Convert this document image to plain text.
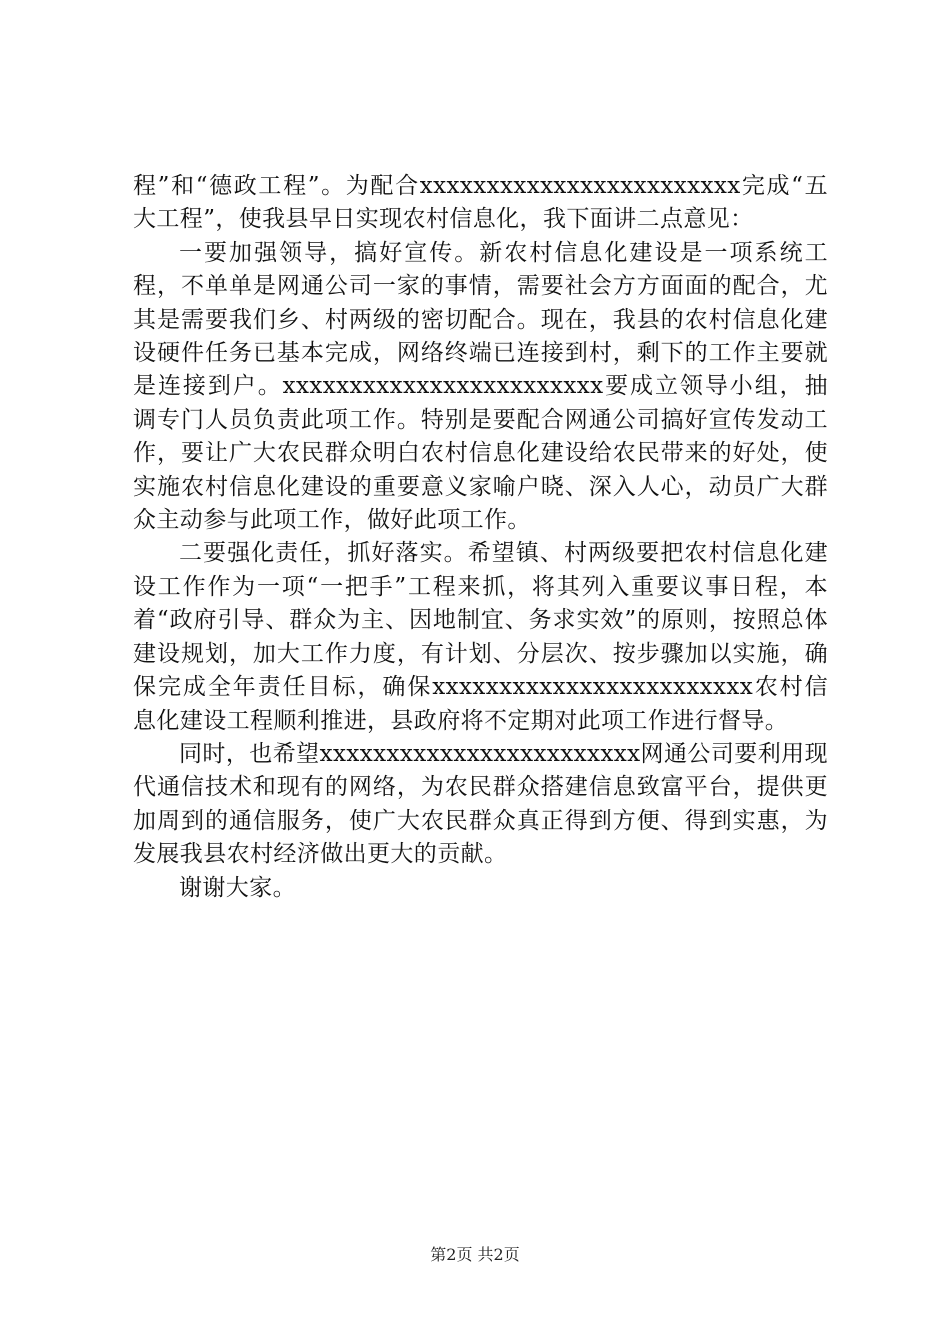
程”和“德政工程”。为配合xxxxxxxxxxxxxxxxxxxxxxxx完成“五大工程”，使我县早日实现农村信息化，我下面讲二点意见：

一要加强领导，搞好宣传。新农村信息化建设是一项系统工程，不单单是网通公司一家的事情，需要社会方方面面的配合，尤其是需要我们乡、村两级的密切配合。现在，我县的农村信息化建设硬件任务已基本完成，网络终端已连接到村，剩下的工作主要就是连接到户。xxxxxxxxxxxxxxxxxxxxxxxx要成立领导小组，抽调专门人员负责此项工作。特别是要配合网通公司搞好宣传发动工作，要让广大农民群众明白农村信息化建设给农民带来的好处，使实施农村信息化建设的重要意义家喻户晓、深入人心，动员广大群众主动参与此项工作，做好此项工作。

二要强化责任，抓好落实。希望镇、村两级要把农村信息化建设工作作为一项“一把手”工程来抓，将其列入重要议事日程，本着“政府引导、群众为主、因地制宜、务求实效”的原则，按照总体建设规划，加大工作力度，有计划、分层次、按步骤加以实施，确保完成全年责任目标，确保xxxxxxxxxxxxxxxxxxxxxxxx农村信息化建设工程顺利推进，县政府将不定期对此项工作进行督导。

同时，也希望xxxxxxxxxxxxxxxxxxxxxxxx网通公司要利用现代通信技术和现有的网络，为农民群众搭建信息致富平台，提供更加周到的通信服务，使广大农民群众真正得到方便、得到实惠，为发展我县农村经济做出更大的贡献。

谢谢大家。

第2页 共2页
